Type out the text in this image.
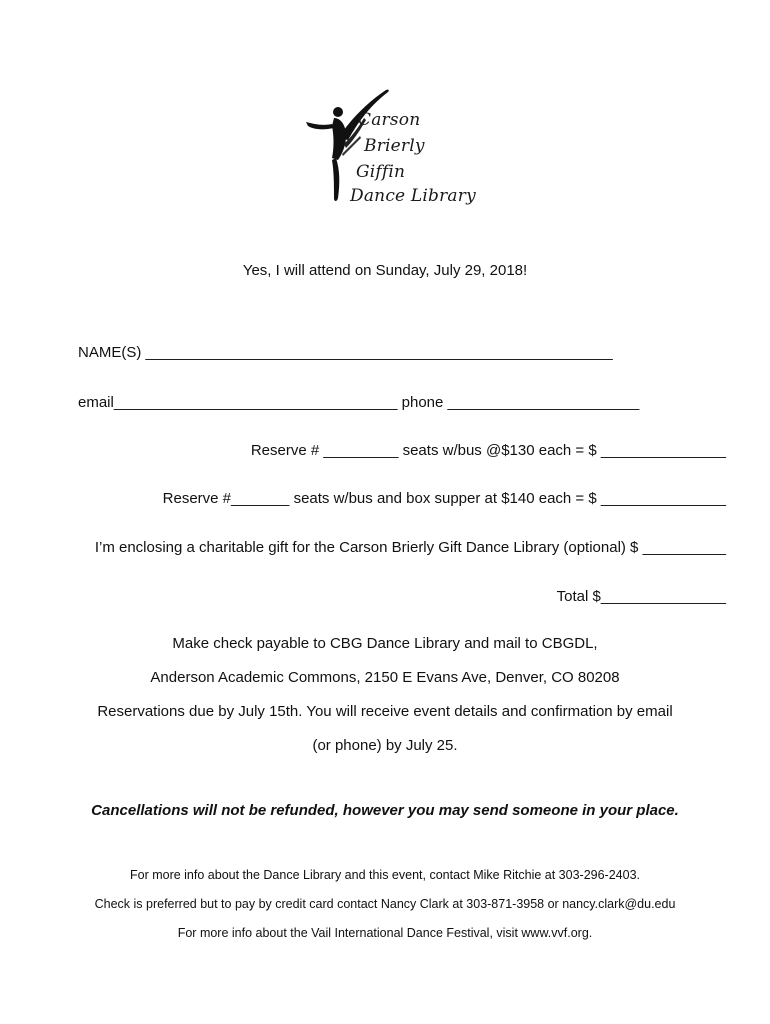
Carson
Brierly
Giffin
Dance Library
Yes, I will attend on Sunday, July 29, 2018!
NAME(S) ________________________________________________________
email__________________________________ phone _______________________
Reserve # _________ seats w/bus @$130 each = $ _______________
Reserve #_______ seats w/bus and box supper at $140 each = $ _______________
I’m enclosing a charitable gift for the Carson Brierly Gift Dance Library (optional) $ __________
Total $_______________
Make check payable to CBG Dance Library and mail to CBGDL,
Anderson Academic Commons, 2150 E Evans Ave, Denver, CO 80208
Reservations due by July 15th. You will receive event details and confirmation by email
(or phone) by July 25.
Cancellations will not be refunded, however you may send someone in your place.
For more info about the Dance Library and this event, contact Mike Ritchie at 303-296-2403.
Check is preferred but to pay by credit card contact Nancy Clark at 303-871-3958 or nancy.clark@du.edu
For more info about the Vail International Dance Festival, visit www.vvf.org.
